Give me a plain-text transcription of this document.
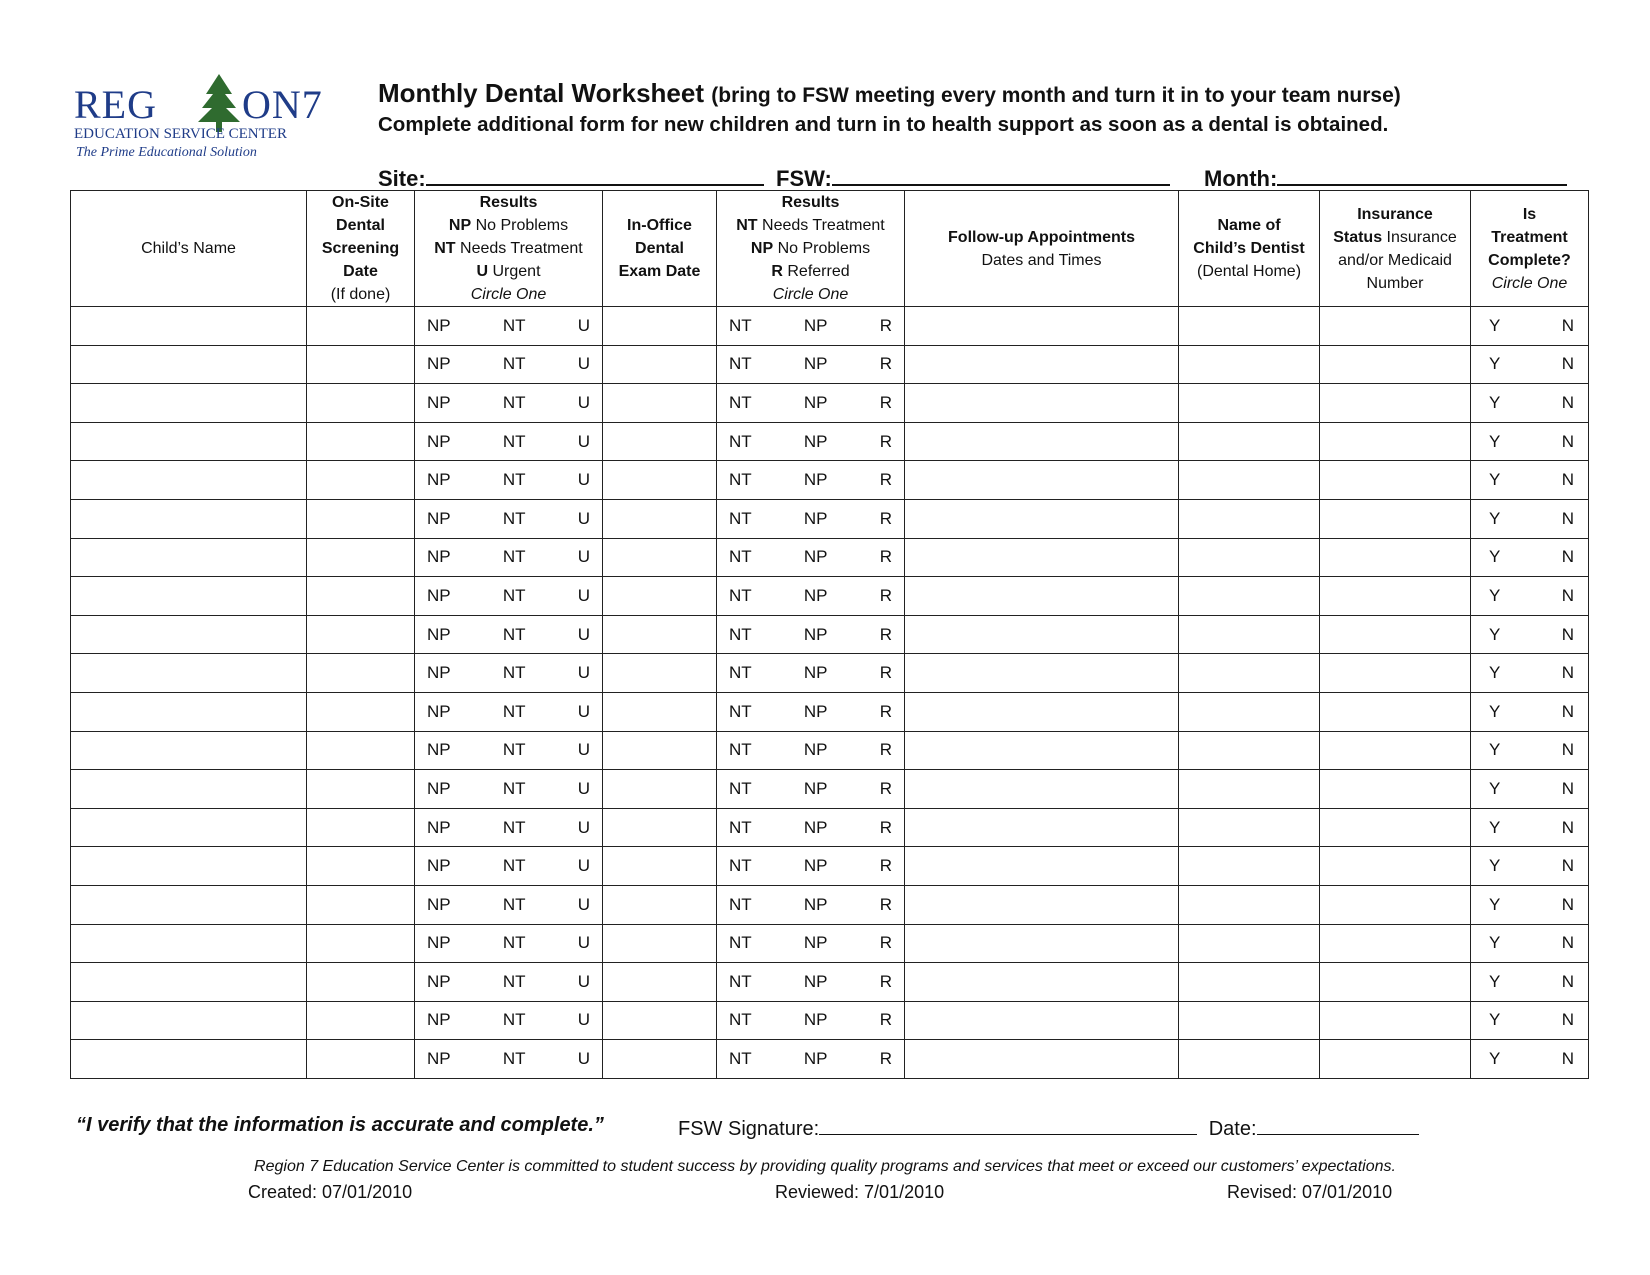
REG ON7
EDUCATION SERVICE CENTER
The Prime Educational Solution
Monthly Dental Worksheet (bring to FSW meeting every month and turn it in to your team nurse)
Complete additional form for new children and turn in to health support as soon as a dental is obtained.
Site:	FSW:	Month:
Child’s Name	On-Site
Dental
Screening
Date
(If done)	Results
NP No Problems
NT Needs Treatment
U Urgent
Circle One	In-Office
Dental
Exam Date	Results
NT Needs Treatment
NP No Problems
R Referred
Circle One	Follow-up Appointments
Dates and Times	Name of
Child’s Dentist
(Dental Home)	Insurance
Status Insurance
and/or Medicaid
Number	Is
Treatment
Complete?
Circle One

		NP NT U		NT NP R				Y N

		NP NT U		NT NP R				Y N

		NP NT U		NT NP R				Y N

		NP NT U		NT NP R				Y N

		NP NT U		NT NP R				Y N

		NP NT U		NT NP R				Y N

		NP NT U		NT NP R				Y N

		NP NT U		NT NP R				Y N

		NP NT U		NT NP R				Y N

		NP NT U		NT NP R				Y N

		NP NT U		NT NP R				Y N

		NP NT U		NT NP R				Y N

		NP NT U		NT NP R				Y N

		NP NT U		NT NP R				Y N

		NP NT U		NT NP R				Y N

		NP NT U		NT NP R				Y N

		NP NT U		NT NP R				Y N

		NP NT U		NT NP R				Y N

		NP NT U		NT NP R				Y N

		NP NT U		NT NP R				Y N
“I verify that the information is accurate and complete.”	FSW Signature:	Date:
Region 7 Education Service Center is committed to student success by providing quality programs and services that meet or exceed our customers’ expectations.
Created: 07/01/2010	Reviewed: 7/01/2010	Revised: 07/01/2010
